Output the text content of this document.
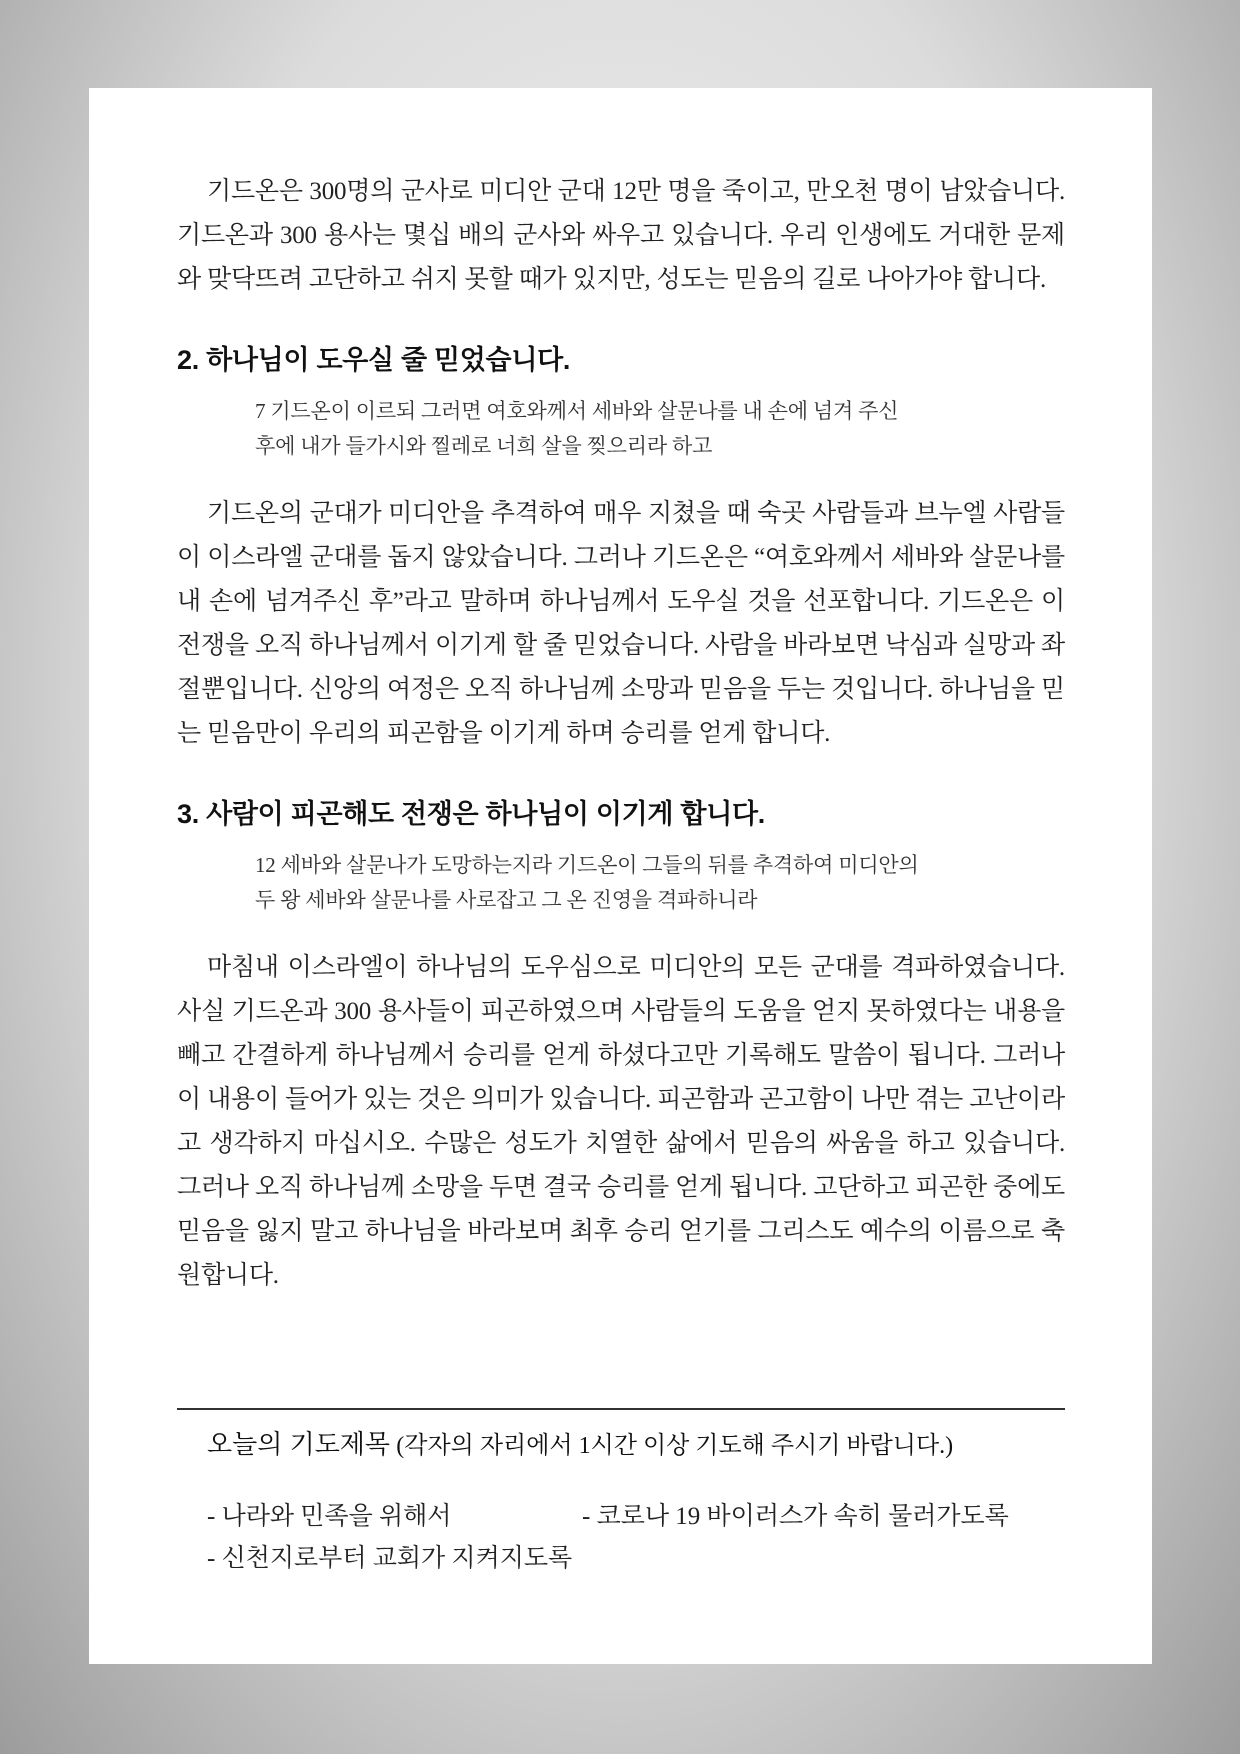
기드온은 300명의 군사로 미디안 군대 12만 명을 죽이고, 만오천 명이 남았습니다. 기드온과 300 용사는 몇십 배의 군사와 싸우고 있습니다. 우리 인생에도 거대한 문제와 맞닥뜨려 고단하고 쉬지 못할 때가 있지만, 성도는 믿음의 길로 나아가야 합니다.

2. 하나님이 도우실 줄 믿었습니다.
7 기드온이 이르되 그러면 여호와께서 세바와 살문나를 내 손에 넘겨 주신
후에 내가 들가시와 찔레로 너희 살을 찢으리라 하고

기드온의 군대가 미디안을 추격하여 매우 지쳤을 때 숙곳 사람들과 브누엘 사람들이 이스라엘 군대를 돕지 않았습니다. 그러나 기드온은 “여호와께서 세바와 살문나를 내 손에 넘겨주신 후”라고 말하며 하나님께서 도우실 것을 선포합니다. 기드온은 이 전쟁을 오직 하나님께서 이기게 할 줄 믿었습니다. 사람을 바라보면 낙심과 실망과 좌절뿐입니다. 신앙의 여정은 오직 하나님께 소망과 믿음을 두는 것입니다. 하나님을 믿는 믿음만이 우리의 피곤함을 이기게 하며 승리를 얻게 합니다.

3. 사람이 피곤해도 전쟁은 하나님이 이기게 합니다.
12 세바와 살문나가 도망하는지라 기드온이 그들의 뒤를 추격하여 미디안의
두 왕 세바와 살문나를 사로잡고 그 온 진영을 격파하니라

마침내 이스라엘이 하나님의 도우심으로 미디안의 모든 군대를 격파하였습니다. 사실 기드온과 300 용사들이 피곤하였으며 사람들의 도움을 얻지 못하였다는 내용을 빼고 간결하게 하나님께서 승리를 얻게 하셨다고만 기록해도 말씀이 됩니다. 그러나 이 내용이 들어가 있는 것은 의미가 있습니다. 피곤함과 곤고함이 나만 겪는 고난이라고 생각하지 마십시오. 수많은 성도가 치열한 삶에서 믿음의 싸움을 하고 있습니다. 그러나 오직 하나님께 소망을 두면 결국 승리를 얻게 됩니다. 고단하고 피곤한 중에도 믿음을 잃지 말고 하나님을 바라보며 최후 승리 얻기를 그리스도 예수의 이름으로 축원합니다.

오늘의 기도제목 (각자의 자리에서 1시간 이상 기도해 주시기 바랍니다.)
- 나라와 민족을 위해서	- 코로나 19 바이러스가 속히 물러가도록
- 신천지로부터 교회가 지켜지도록
